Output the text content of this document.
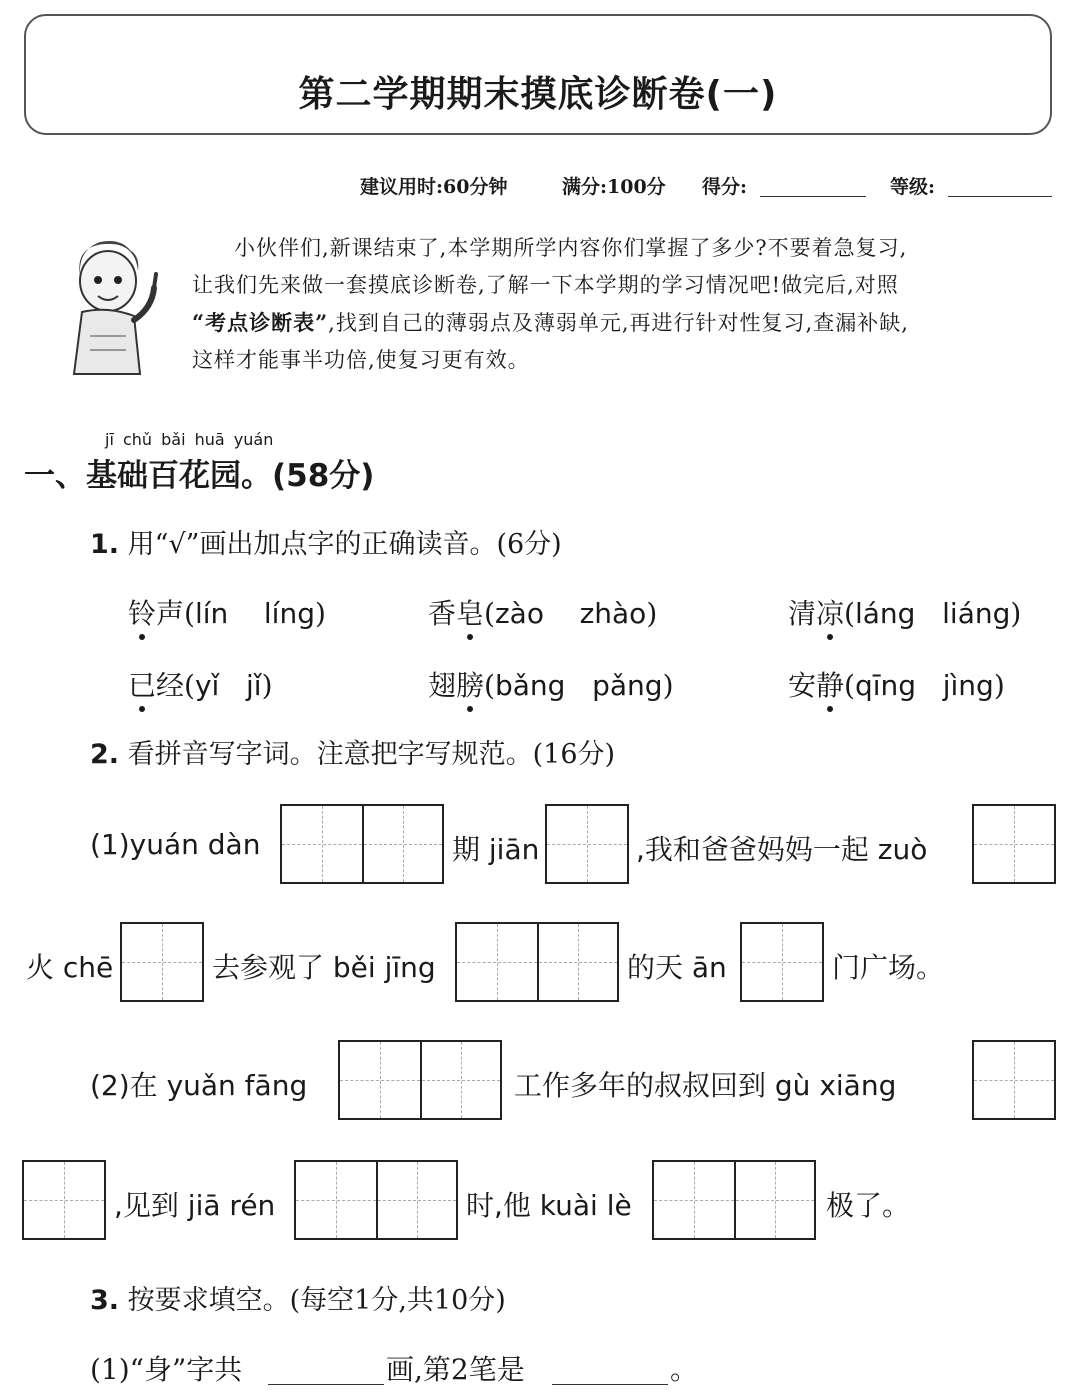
第二学期期末摸底诊断卷(一)
建议用时:60分钟	满分:100分 得分:	等级:

小伙伴们,新课结束了,本学期所学内容你们掌握了多少?不要着急复习,

让我们先来做一套摸底诊断卷,了解一下本学期的学习情况吧!做完后,对照
“考点诊断表”,找到自己的薄弱点及薄弱单元,再进行针对性复习,查漏补缺,
这样才能事半功倍,使复习更有效。
jī chǔ bǎi huā yuán
一、基础百花园。(58分)
1. 用“√”画出加点字的正确读音。(6分)
铃声(lín líng)	香皂(zào zhào)	清凉(láng liáng)
已经(yǐ jǐ)	翅膀(bǎng pǎng)	安静(qīng jìng)
2. 看拼音写字词。注意把字写规范。(16分)
(1)yuán dàn	期 jiān	,我和爸爸妈妈一起 zuò
火 chē	去参观了 běi jīng	的天 ān	门广场。
(2)在 yuǎn fāng	工作多年的叔叔回到 gù xiāng
,见到 jiā rén	时,他 kuài lè	极了。
3. 按要求填空。(每空1分,共10分)
(1)“身”字共	画,第2笔是	。
